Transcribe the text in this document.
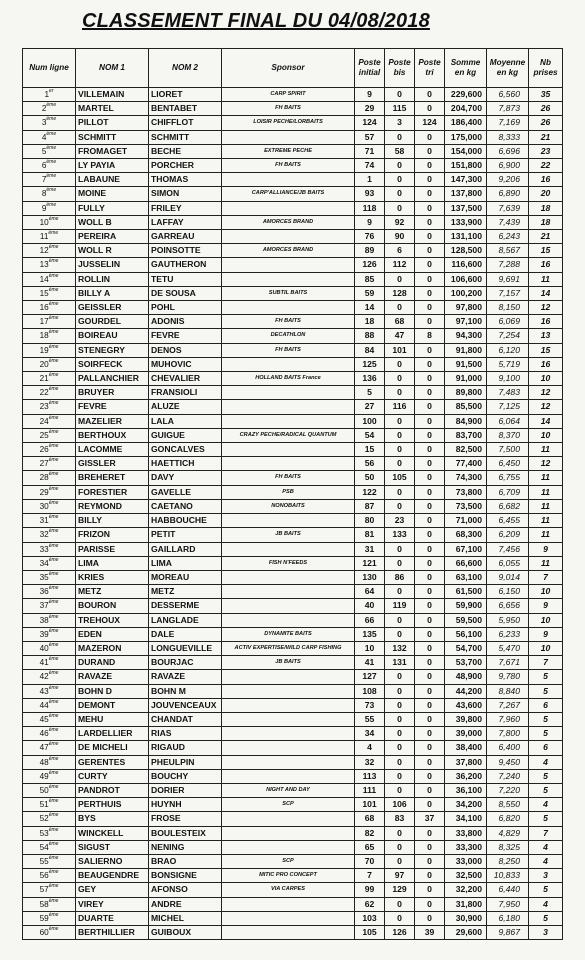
CLASSEMENT FINAL DU 04/08/2018
Num ligne	NOM 1	NOM 2	Sponsor	Poste initial	Poste bis	Poste tri	Somme en kg	Moyenne en kg	Nb prises
1er	VILLEMAIN	LIORET	CARP SPIRIT	9	0	0	229,600	6,560	35
2ème	MARTEL	BENTABET	FH BAITS	29	115	0	204,700	7,873	26
3ème	PILLOT	CHIFFLOT	LOISIR PECHE/LORBAITS	124	3	124	186,400	7,169	26
4ème	SCHMITT	SCHMITT		57	0	0	175,000	8,333	21
5ème	FROMAGET	BECHE	EXTREME PECHE	71	58	0	154,000	6,696	23
6ème	LY PAYIA	PORCHER	FH BAITS	74	0	0	151,800	6,900	22
7ème	LABAUNE	THOMAS		1	0	0	147,300	9,206	16
8ème	MOINE	SIMON	CARP'ALLIANCE/JB BAITS	93	0	0	137,800	6,890	20
9ème	FULLY	FRILEY		118	0	0	137,500	7,639	18
10ème	WOLL B	LAFFAY	AMORCES BRAND	9	92	0	133,900	7,439	18
11ème	PEREIRA	GARREAU		76	90	0	131,100	6,243	21
12ème	WOLL R	POINSOTTE	AMORCES BRAND	89	6	0	128,500	8,567	15
13ème	JUSSELIN	GAUTHERON		126	112	0	116,600	7,288	16
14ème	ROLLIN	TETU		85	0	0	106,600	9,691	11
15ème	BILLY A	DE SOUSA	SUBTIL BAITS	59	128	0	100,200	7,157	14
16ème	GEISSLER	POHL		14	0	0	97,800	8,150	12
17ème	GOURDEL	ADONIS	FH BAITS	18	68	0	97,100	6,069	16
18ème	BOIREAU	FEVRE	DECATHLON	88	47	8	94,300	7,254	13
19ème	STENEGRY	DENOS	FH BAITS	84	101	0	91,800	6,120	15
20ème	SOIRFECK	MUHOVIC		125	0	0	91,500	5,719	16
21ème	PALLANCHIER	CHEVALIER	HOLLAND BAITS France	136	0	0	91,000	9,100	10
22ème	BRUYER	FRANSIOLI		5	0	0	89,800	7,483	12
23ème	FEVRE	ALUZE		27	116	0	85,500	7,125	12
24ème	MAZELIER	LALA		100	0	0	84,900	6,064	14
25ème	BERTHOUX	GUIGUE	CRAZY PECHE/RADICAL QUANTUM	54	0	0	83,700	8,370	10
26ème	LACOMME	GONCALVES		15	0	0	82,500	7,500	11
27ème	GISSLER	HAETTICH		56	0	0	77,400	6,450	12
28ème	BREHERET	DAVY	FH BAITS	50	105	0	74,300	6,755	11
29ème	FORESTIER	GAVELLE	PSB	122	0	0	73,800	6,709	11
30ème	REYMOND	CAETANO	NONOBAITS	87	0	0	73,500	6,682	11
31ème	BILLY	HABBOUCHE		80	23	0	71,000	6,455	11
32ème	FRIZON	PETIT	JB BAITS	81	133	0	68,300	6,209	11
33ème	PARISSE	GAILLARD		31	0	0	67,100	7,456	9
34ème	LIMA	LIMA	FISH N'FEEDS	121	0	0	66,600	6,055	11
35ème	KRIES	MOREAU		130	86	0	63,100	9,014	7
36ème	METZ	METZ		64	0	0	61,500	6,150	10
37ème	BOURON	DESSERME		40	119	0	59,900	6,656	9
38ème	TREHOUX	LANGLADE		66	0	0	59,500	5,950	10
39ème	EDEN	DALE	DYNAMITE BAITS	135	0	0	56,100	6,233	9
40ème	MAZERON	LONGUEVILLE	ACTIV EXPERTISE/WILD CARP FISHING	10	132	0	54,700	5,470	10
41ème	DURAND	BOURJAC	JB BAITS	41	131	0	53,700	7,671	7
42ème	RAVAZE	RAVAZE		127	0	0	48,900	9,780	5
43ème	BOHN D	BOHN M		108	0	0	44,200	8,840	5
44ème	DEMONT	JOUVENCEAUX		73	0	0	43,600	7,267	6
45ème	MEHU	CHANDAT		55	0	0	39,800	7,960	5
46ème	LARDELLIER	RIAS		34	0	0	39,000	7,800	5
47ème	DE MICHELI	RIGAUD		4	0	0	38,400	6,400	6
48ème	GERENTES	PHEULPIN		32	0	0	37,800	9,450	4
49ème	CURTY	BOUCHY		113	0	0	36,200	7,240	5
50ème	PANDROT	DORIER	NIGHT AND DAY	111	0	0	36,100	7,220	5
51ème	PERTHUIS	HUYNH	SCP	101	106	0	34,200	8,550	4
52ème	BYS	FROSE		68	83	37	34,100	6,820	5
53ème	WINCKELL	BOULESTEIX		82	0	0	33,800	4,829	7
54ème	SIGUST	NENING		65	0	0	33,300	8,325	4
55ème	SALIERNO	BRAO	SCP	70	0	0	33,000	8,250	4
56ème	BEAUGENDRE	BONSIGNE	MITIC PRO CONCEPT	7	97	0	32,500	10,833	3
57ème	GEY	AFONSO	VIA CARPES	99	129	0	32,200	6,440	5
58ème	VIREY	ANDRE		62	0	0	31,800	7,950	4
59ème	DUARTE	MICHEL		103	0	0	30,900	6,180	5
60ème	BERTHILLIER	GUIBOUX		105	126	39	29,600	9,867	3
